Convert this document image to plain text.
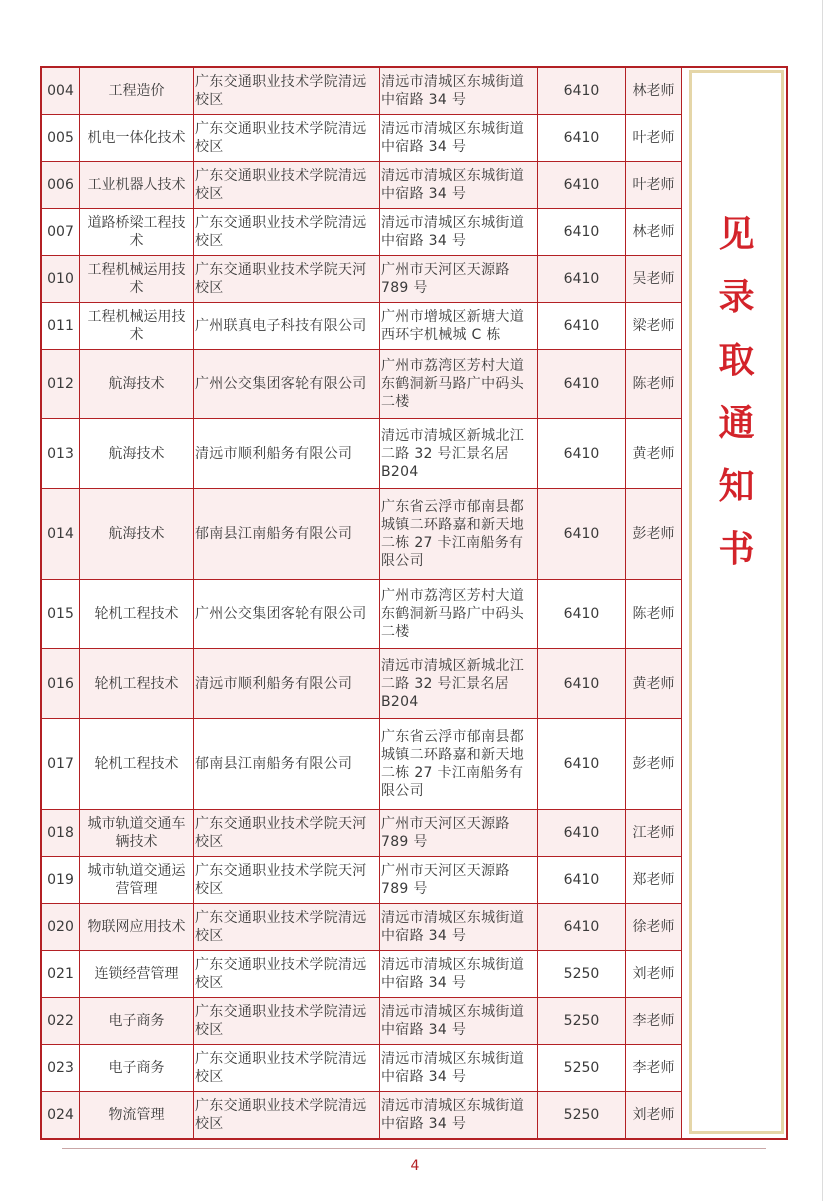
004	工程造价	广东交通职业技术学院清远校区	清远市清城区东城街道中宿路 34 号	6410	林老师
005	机电一体化技术	广东交通职业技术学院清远校区	清远市清城区东城街道中宿路 34 号	6410	叶老师
006	工业机器人技术	广东交通职业技术学院清远校区	清远市清城区东城街道中宿路 34 号	6410	叶老师
007	道路桥梁工程技术	广东交通职业技术学院清远校区	清远市清城区东城街道中宿路 34 号	6410	林老师
010	工程机械运用技术	广东交通职业技术学院天河校区	广州市天河区天源路 789 号	6410	吴老师
011	工程机械运用技术	广州联真电子科技有限公司	广州市增城区新塘大道西环宇机械城 C 栋	6410	梁老师
012	航海技术	广州公交集团客轮有限公司	广州市荔湾区芳村大道东鹤洞新马路广中码头二楼	6410	陈老师
013	航海技术	清远市顺利船务有限公司	清远市清城区新城北江二路 32 号汇景名居 B204	6410	黄老师
014	航海技术	郁南县江南船务有限公司	广东省云浮市郁南县都城镇二环路嘉和新天地二栋 27 卡江南船务有限公司	6410	彭老师
015	轮机工程技术	广州公交集团客轮有限公司	广州市荔湾区芳村大道东鹤洞新马路广中码头二楼	6410	陈老师
016	轮机工程技术	清远市顺利船务有限公司	清远市清城区新城北江二路 32 号汇景名居 B204	6410	黄老师
017	轮机工程技术	郁南县江南船务有限公司	广东省云浮市郁南县都城镇二环路嘉和新天地二栋 27 卡江南船务有限公司	6410	彭老师
018	城市轨道交通车辆技术	广东交通职业技术学院天河校区	广州市天河区天源路 789 号	6410	江老师
019	城市轨道交通运营管理	广东交通职业技术学院天河校区	广州市天河区天源路 789 号	6410	郑老师
020	物联网应用技术	广东交通职业技术学院清远校区	清远市清城区东城街道中宿路 34 号	6410	徐老师
021	连锁经营管理	广东交通职业技术学院清远校区	清远市清城区东城街道中宿路 34 号	5250	刘老师
022	电子商务	广东交通职业技术学院清远校区	清远市清城区东城街道中宿路 34 号	5250	李老师
023	电子商务	广东交通职业技术学院清远校区	清远市清城区东城街道中宿路 34 号	5250	李老师
024	物流管理	广东交通职业技术学院清远校区	清远市清城区东城街道中宿路 34 号	5250	刘老师
见
录
取
通
知
书
4
